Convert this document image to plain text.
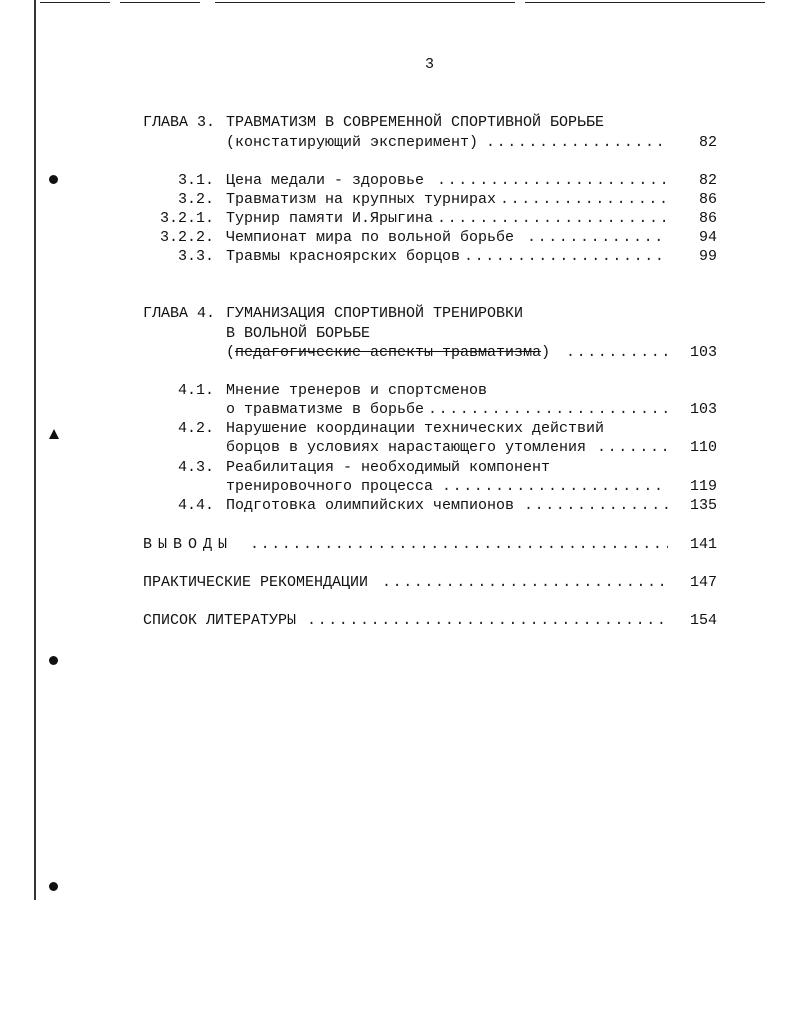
3
ГЛАВА 3. ТРАВМАТИЗМ В СОВРЕМЕННОЙ СПОРТИВНОЙ БОРЬБЕ
(констатирующий эксперимент) .....	82
3.1. Цена медали - здоровье .....	82
3.2. Травматизм на крупных турнирах .....	86
3.2.1. Турнир памяти И.Ярыгина .....	86
3.2.2. Чемпионат мира по вольной борьбе .....	94
3.3. Травмы красноярских борцов .....	99
ГЛАВА 4. ГУМАНИЗАЦИЯ СПОРТИВНОЙ ТРЕНИРОВКИ
В ВОЛЬНОЙ БОРЬБЕ
(педагогические аспекты травматизма) .....	103
4.1. Мнение тренеров и спортсменов
о травматизме в борьбе .....	103
4.2. Нарушение координации технических действий
борцов в условиях нарастающего утомления .....	110
4.3. Реабилитация - необходимый компонент
тренировочного процесса .....	119
4.4. Подготовка олимпийских чемпионов .....	135
ВЫВОДЫ .....	141
ПРАКТИЧЕСКИЕ РЕКОМЕНДАЦИИ .....	147
СПИСОК ЛИТЕРАТУРЫ .....	154
